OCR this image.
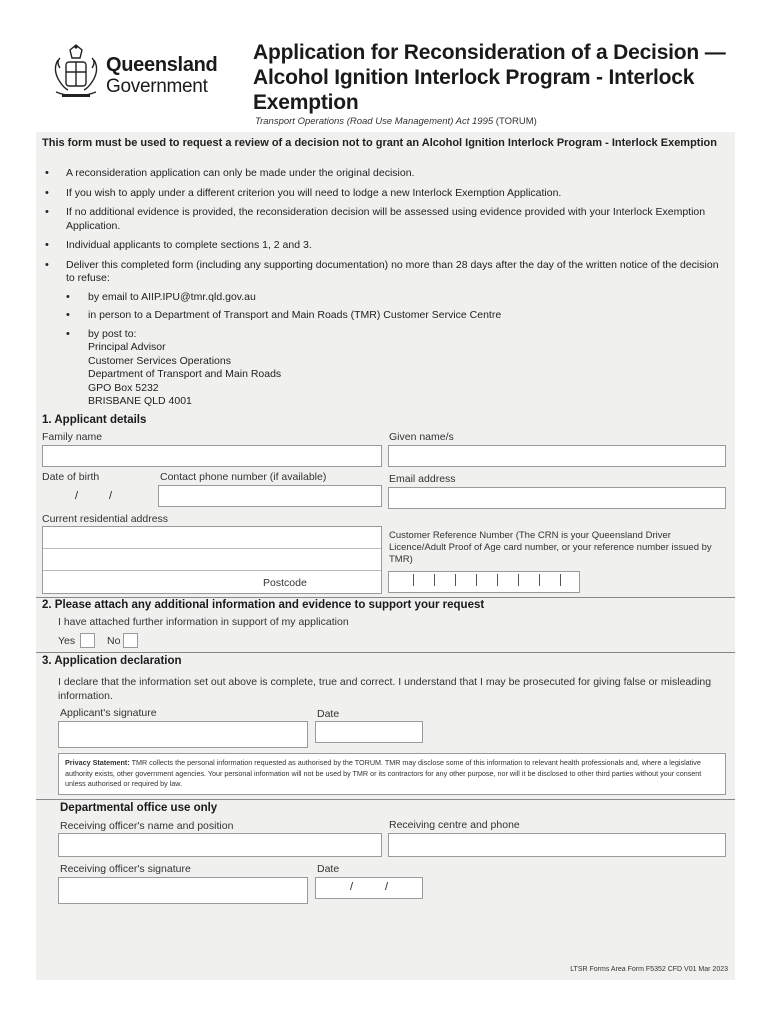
Queensland
Government
Application for Reconsideration of a Decision — Alcohol Ignition Interlock Program - Interlock Exemption
Transport Operations (Road Use Management) Act 1995 (TORUM)
This form must be used to request a review of a decision not to grant an Alcohol Ignition Interlock Program - Interlock Exemption
• A reconsideration application can only be made under the original decision.
• If you wish to apply under a different criterion you will need to lodge a new Interlock Exemption Application.
• If no additional evidence is provided, the reconsideration decision will be assessed using evidence provided with your Interlock Exemption Application.
• Individual applicants to complete sections 1, 2 and 3.
• Deliver this completed form (including any supporting documentation) no more than 28 days after the day of the written notice of the decision to refuse:
• by email to AIIP.IPU@tmr.qld.gov.au
• in person to a Department of Transport and Main Roads (TMR) Customer Service Centre
• by post to:
Principal Advisor
Customer Services Operations
Department of Transport and Main Roads
GPO Box 5232
BRISBANE QLD 4001
1. Applicant details
Family name	Given name/s
Date of birth	Contact phone number (if available)	Email address
/	/
Current residential address
Postcode
Customer Reference Number (The CRN is your Queensland Driver Licence/Adult Proof of Age card number, or your reference number issued by TMR)
2. Please attach any additional information and evidence to support your request
I have attached further information in support of my application
Yes	No
3. Application declaration
I declare that the information set out above is complete, true and correct. I understand that I may be prosecuted for giving false or misleading information.
Applicant's signature	Date
Privacy Statement: TMR collects the personal information requested as authorised by the TORUM. TMR may disclose some of this information to relevant health professionals and, where a legislative authority exists, other government agencies. Your personal information will not be used by TMR or its contractors for any other purpose, nor will it be disclosed to other third parties without your consent unless authorised or required by law.
Departmental office use only
Receiving officer's name and position	Receiving centre and phone
Receiving officer's signature	Date
/	/
LTSR Forms Area Form F5352 CFD V01 Mar 2023
